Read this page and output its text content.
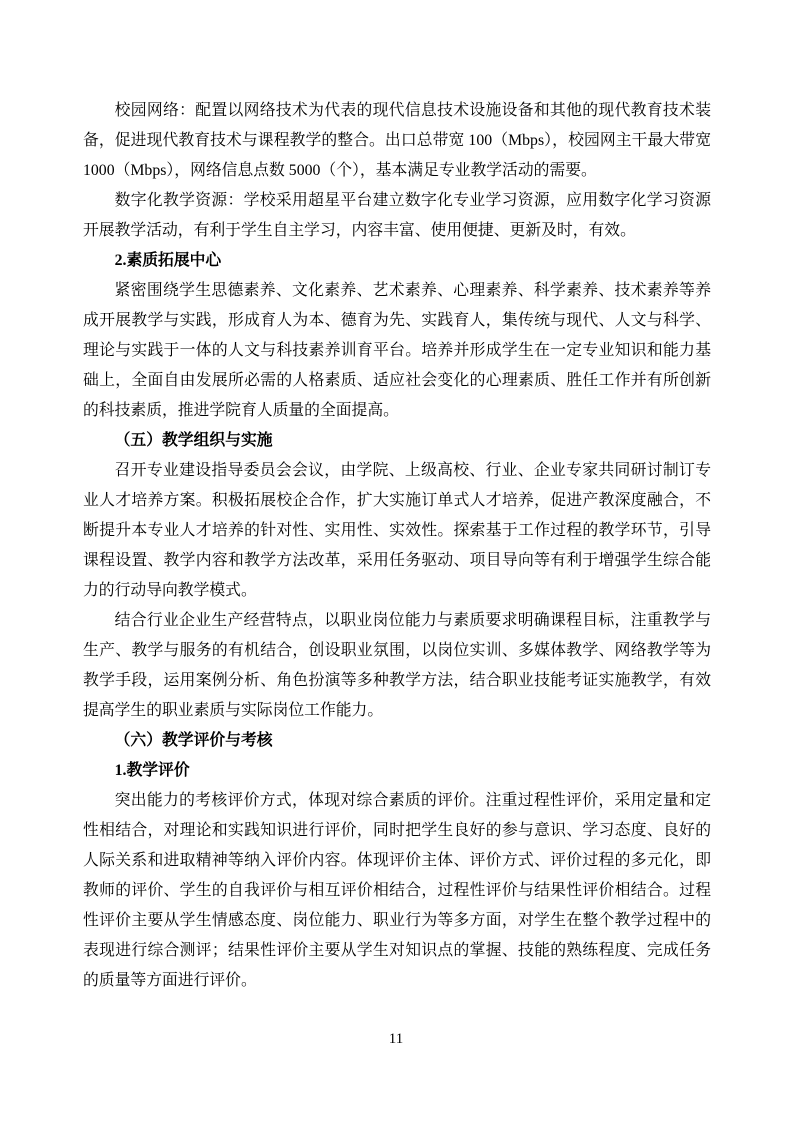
校园网络：配置以网络技术为代表的现代信息技术设施设备和其他的现代教育技术装备，促进现代教育技术与课程教学的整合。出口总带宽 100（Mbps），校园网主干最大带宽 1000（Mbps），网络信息点数 5000（个），基本满足专业教学活动的需要。

数字化教学资源：学校采用超星平台建立数字化专业学习资源，应用数字化学习资源开展教学活动，有利于学生自主学习，内容丰富、使用便捷、更新及时，有效。

2.素质拓展中心

紧密围绕学生思德素养、文化素养、艺术素养、心理素养、科学素养、技术素养等养成开展教学与实践，形成育人为本、德育为先、实践育人，集传统与现代、人文与科学、理论与实践于一体的人文与科技素养训育平台。培养并形成学生在一定专业知识和能力基础上，全面自由发展所必需的人格素质、适应社会变化的心理素质、胜任工作并有所创新的科技素质，推进学院育人质量的全面提高。

（五）教学组织与实施

召开专业建设指导委员会会议，由学院、上级高校、行业、企业专家共同研讨制订专业人才培养方案。积极拓展校企合作，扩大实施订单式人才培养，促进产教深度融合，不断提升本专业人才培养的针对性、实用性、实效性。探索基于工作过程的教学环节，引导课程设置、教学内容和教学方法改革，采用任务驱动、项目导向等有利于增强学生综合能力的行动导向教学模式。

结合行业企业生产经营特点，以职业岗位能力与素质要求明确课程目标，注重教学与生产、教学与服务的有机结合，创设职业氛围，以岗位实训、多媒体教学、网络教学等为教学手段，运用案例分析、角色扮演等多种教学方法，结合职业技能考证实施教学，有效提高学生的职业素质与实际岗位工作能力。

（六）教学评价与考核

1.教学评价

突出能力的考核评价方式，体现对综合素质的评价。注重过程性评价，采用定量和定性相结合，对理论和实践知识进行评价，同时把学生良好的参与意识、学习态度、良好的人际关系和进取精神等纳入评价内容。体现评价主体、评价方式、评价过程的多元化，即教师的评价、学生的自我评价与相互评价相结合，过程性评价与结果性评价相结合。过程性评价主要从学生情感态度、岗位能力、职业行为等多方面，对学生在整个教学过程中的表现进行综合测评；结果性评价主要从学生对知识点的掌握、技能的熟练程度、完成任务的质量等方面进行评价。

11
